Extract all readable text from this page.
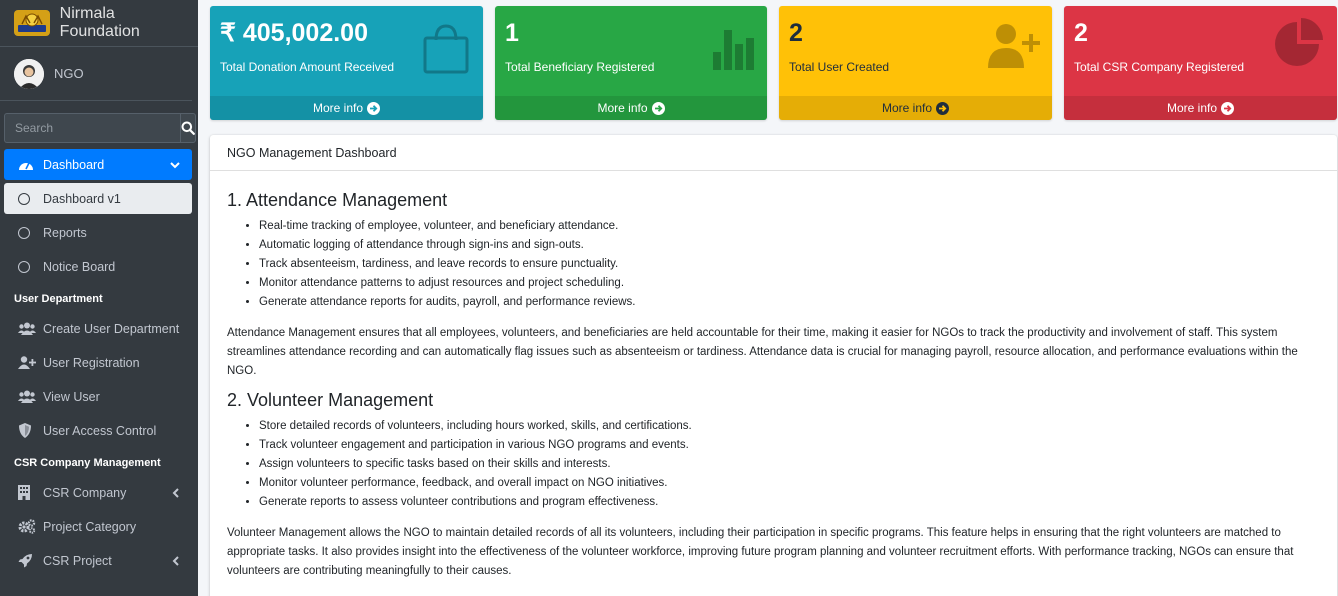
Nirmala Foundation
NGO
Search
Dashboard
Dashboard v1
Reports
Notice Board
User Department
Create User Department
User Registration
View User
User Access Control
CSR Company Management
CSR Company
Project Category
CSR Project
₹ 405,002.00
Total Donation Amount Received
More info
1
Total Beneficiary Registered
More info
2
Total User Created
More info
2
Total CSR Company Registered
More info
NGO Management Dashboard
1. Attendance Management
• Real-time tracking of employee, volunteer, and beneficiary attendance.
• Automatic logging of attendance through sign-ins and sign-outs.
• Track absenteeism, tardiness, and leave records to ensure punctuality.
• Monitor attendance patterns to adjust resources and project scheduling.
• Generate attendance reports for audits, payroll, and performance reviews.

Attendance Management ensures that all employees, volunteers, and beneficiaries are held accountable for their time, making it easier for NGOs to track the productivity and involvement of staff. This system streamlines attendance recording and can automatically flag issues such as absenteeism or tardiness. Attendance data is crucial for managing payroll, resource allocation, and performance evaluations within the NGO.

2. Volunteer Management
• Store detailed records of volunteers, including hours worked, skills, and certifications.
• Track volunteer engagement and participation in various NGO programs and events.
• Assign volunteers to specific tasks based on their skills and interests.
• Monitor volunteer performance, feedback, and overall impact on NGO initiatives.
• Generate reports to assess volunteer contributions and program effectiveness.

Volunteer Management allows the NGO to maintain detailed records of all its volunteers, including their participation in specific programs. This feature helps in ensuring that the right volunteers are matched to appropriate tasks. It also provides insight into the effectiveness of the volunteer workforce, improving future program planning and volunteer recruitment efforts. With performance tracking, NGOs can ensure that volunteers are contributing meaningfully to their causes.
